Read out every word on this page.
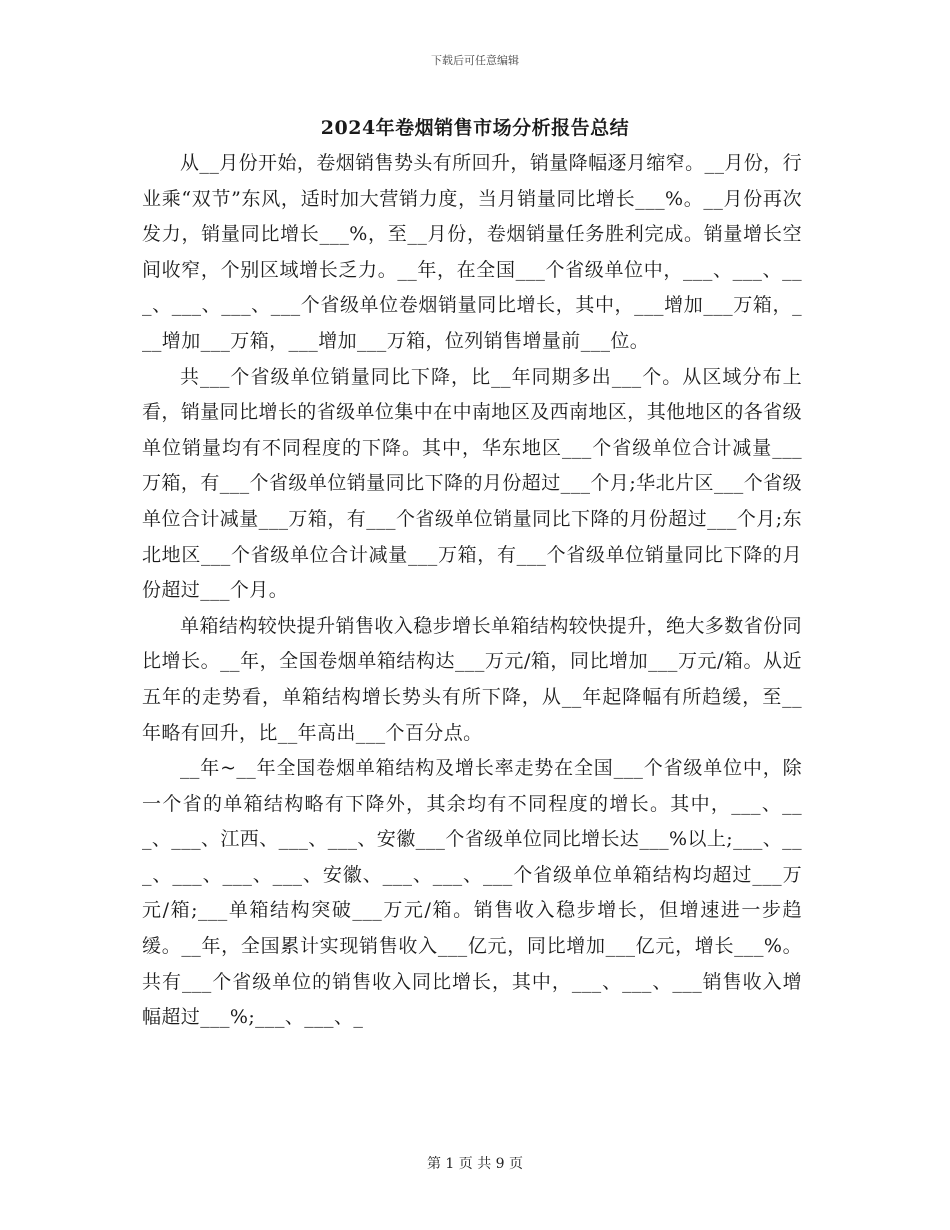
下载后可任意编辑
2024年卷烟销售市场分析报告总结

从__月份开始，卷烟销售势头有所回升，销量降幅逐月缩窄。__月份，行业乘“双节”东风，适时加大营销力度，当月销量同比增长___%。__月份再次发力，销量同比增长___%，至__月份，卷烟销量任务胜利完成。销量增长空间收窄，个别区域增长乏力。__年，在全国___个省级单位中，___、___、___、___、___、___个省级单位卷烟销量同比增长，其中，___增加___万箱，___增加___万箱，___增加___万箱，位列销售增量前___位。

共___个省级单位销量同比下降，比__年同期多出___个。从区域分布上看，销量同比增长的省级单位集中在中南地区及西南地区，其他地区的各省级单位销量均有不同程度的下降。其中，华东地区___个省级单位合计减量___万箱，有___个省级单位销量同比下降的月份超过___个月;华北片区___个省级单位合计减量___万箱，有___个省级单位销量同比下降的月份超过___个月;东北地区___个省级单位合计减量___万箱，有___个省级单位销量同比下降的月份超过___个月。

单箱结构较快提升销售收入稳步增长单箱结构较快提升，绝大多数省份同比增长。__年，全国卷烟单箱结构达___万元/箱，同比增加___万元/箱。从近五年的走势看，单箱结构增长势头有所下降，从__年起降幅有所趋缓，至__年略有回升，比__年高出___个百分点。

__年~__年全国卷烟单箱结构及增长率走势在全国___个省级单位中，除一个省的单箱结构略有下降外，其余均有不同程度的增长。其中，___、___、___、江西、___、___、安徽___个省级单位同比增长达___%以上;___、___、___、___、___、安徽、___、___、___个省级单位单箱结构均超过___万元/箱;___单箱结构突破___万元/箱。销售收入稳步增长，但增速进一步趋缓。__年，全国累计实现销售收入___亿元，同比增加___亿元，增长___%。共有___个省级单位的销售收入同比增长，其中，___、___、___销售收入增幅超过___%;___、___、_

第 1 页 共 9 页
